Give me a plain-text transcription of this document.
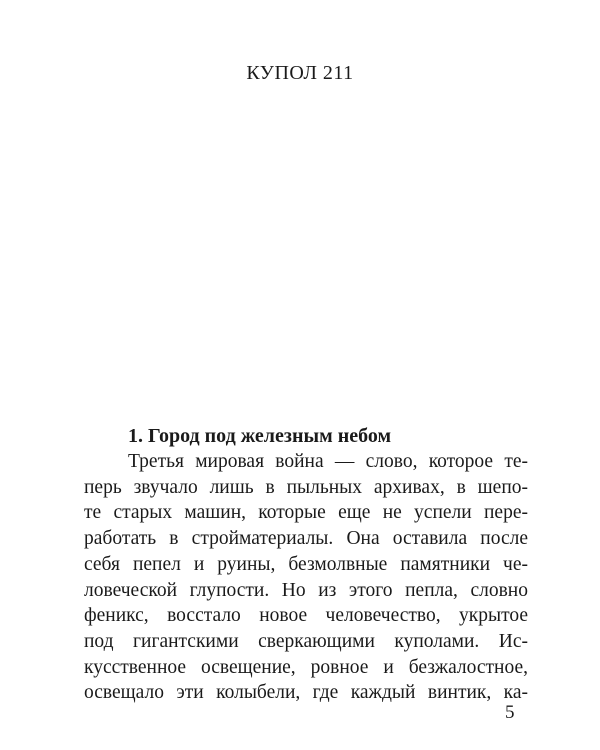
КУПОЛ 211
1. Город под железным небом
Третья мировая война — слово, которое те-
перь звучало лишь в пыльных архивах, в шепо-
те старых машин, которые еще не успели пере-
работать в стройматериалы. Она оставила после
себя пепел и руины, безмолвные памятники че-
ловеческой глупости. Но из этого пепла, словно
феникс, восстало новое человечество, укрытое
под гигантскими сверкающими куполами. Ис-
кусственное освещение, ровное и безжалостное,
освещало эти колыбели, где каждый винтик, ка-
5
